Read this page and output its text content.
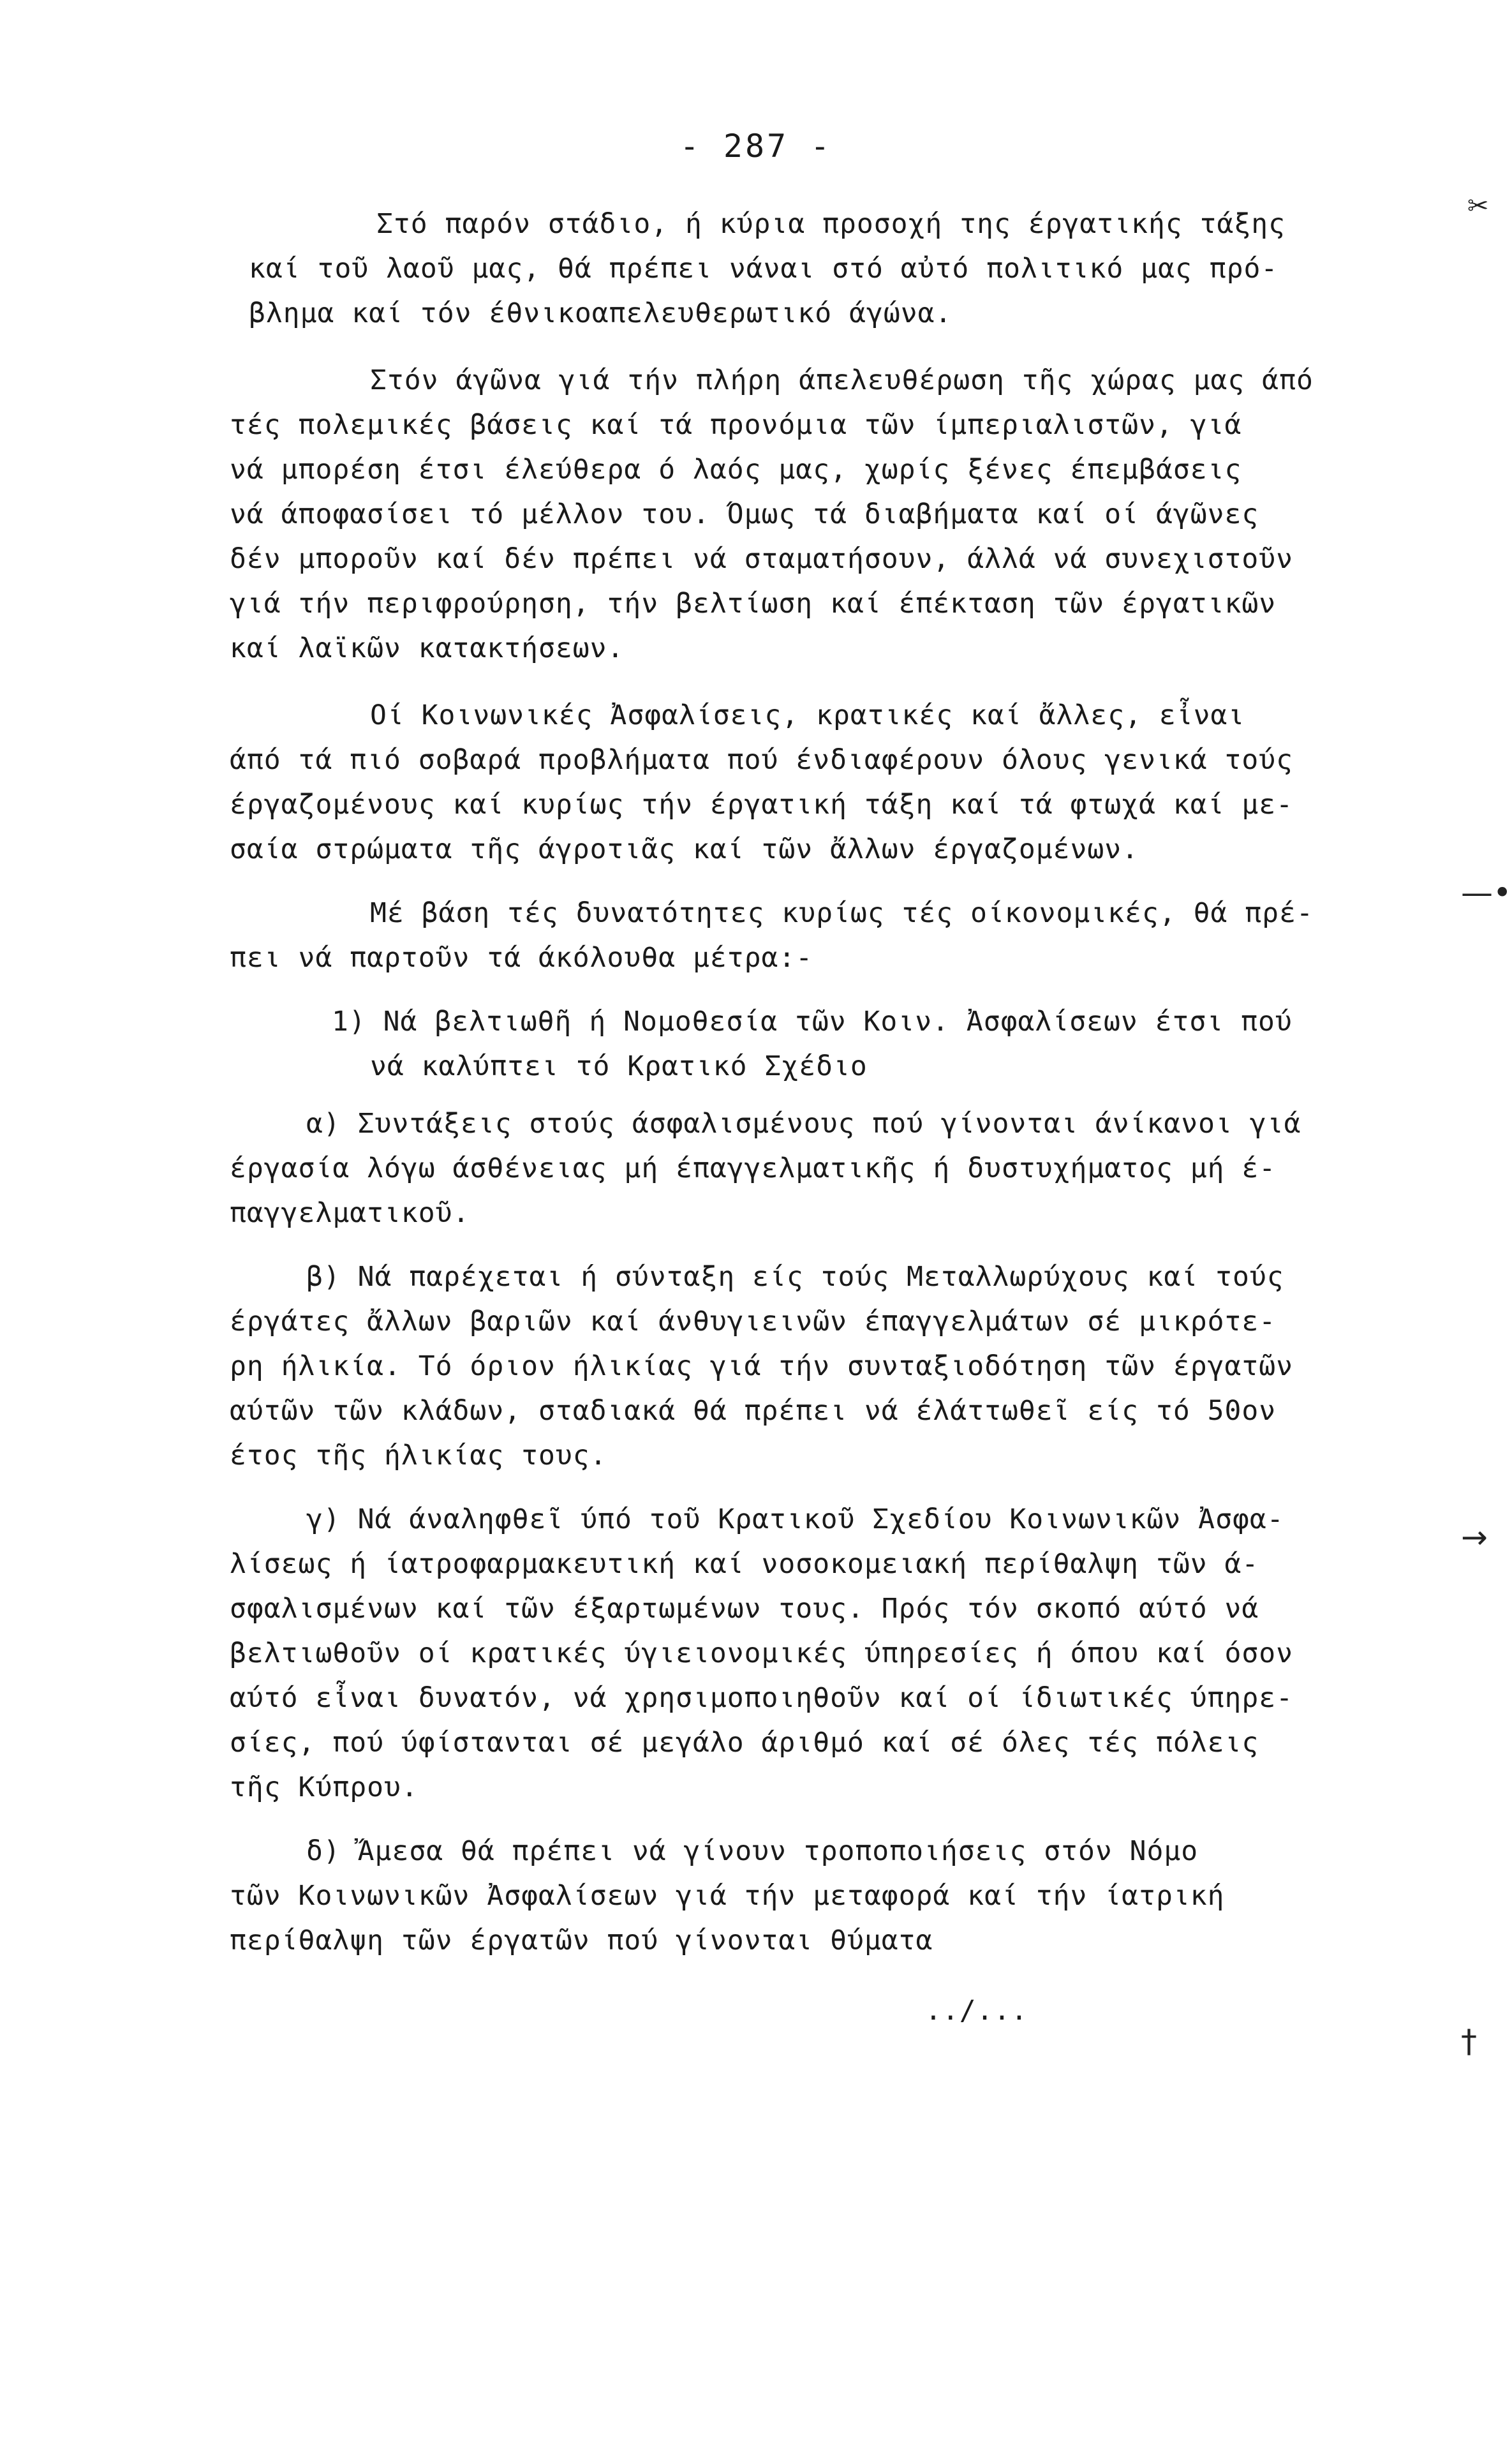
- 287 -
Στό παρόν στάδιο, ή κύρια προσοχή της έργατικής τάξης
καί τοῦ λαοῦ μας, θά πρέπει νάναι στό αὐτό πολιτικό μας πρό-
βλημα καί τόν έθνικοαπελευθερωτικό άγώνα.
Στόν άγῶνα γιά τήν πλήρη άπελευθέρωση τῆς χώρας μας άπό
τές πολεμικές βάσεις καί τά προνόμια τῶν ίμπεριαλιστῶν, γιά
νά μπορέση έτσι έλεύθερα ό λαός μας, χωρίς ξένες έπεμβάσεις
νά άποφασίσει τό μέλλον του. Όμως τά διαβήματα καί οί άγῶνες
δέν μποροῦν καί δέν πρέπει νά σταματήσουν, άλλά νά συνεχιστοῦν
γιά τήν περιφρούρηση, τήν βελτίωση καί έπέκταση τῶν έργατικῶν
καί λαϊκῶν κατακτήσεων.
Οί Κοινωνικές Ἀσφαλίσεις, κρατικές καί ἄλλες, εἶναι
άπό τά πιό σοβαρά προβλήματα πού ένδιαφέρουν όλους γενικά τούς
έργαζομένους καί κυρίως τήν έργατική τάξη καί τά φτωχά καί με-
σαία στρώματα τῆς άγροτιᾶς καί τῶν ἄλλων έργαζομένων.
Μέ βάση τές δυνατότητες κυρίως τές οίκονομικές, θά πρέ-
πει νά παρτοῦν τά άκόλουθα μέτρα:-
1) Νά βελτιωθῆ ή Νομοθεσία τῶν Κοιν. Ἀσφαλίσεων έτσι πού
νά καλύπτει τό Κρατικό Σχέδιο
α) Συντάξεις στούς άσφαλισμένους πού γίνονται άνίκανοι γιά
έργασία λόγω άσθένειας μή έπαγγελματικῆς ή δυστυχήματος μή έ-
παγγελματικοῦ.
β) Νά παρέχεται ή σύνταξη είς τούς Μεταλλωρύχους καί τούς
έργάτες ἄλλων βαριῶν καί άνθυγιεινῶν έπαγγελμάτων σέ μικρότε-
ρη ήλικία. Τό όριον ήλικίας γιά τήν συνταξιοδότηση τῶν έργατῶν
αύτῶν τῶν κλάδων, σταδιακά θά πρέπει νά έλάττωθεῖ είς τό 50ον
έτος τῆς ήλικίας τους.
γ) Νά άναληφθεῖ ύπό τοῦ Κρατικοῦ Σχεδίου Κοινωνικῶν Ἀσφα-
λίσεως ή ίατροφαρμακευτική καί νοσοκομειακή περίθαλψη τῶν ά-
σφαλισμένων καί τῶν έξαρτωμένων τους. Πρός τόν σκοπό αύτό νά
βελτιωθοῦν οί κρατικές ύγιειονομικές ύπηρεσίες ή όπου καί όσον
αύτό εἶναι δυνατόν, νά χρησιμοποιηθοῦν καί οί ίδιωτικές ύπηρε-
σίες, πού ύφίστανται σέ μεγάλο άριθμό καί σέ όλες τές πόλεις
τῆς Κύπρου.
δ) Ἄμεσα θά πρέπει νά γίνουν τροποποιήσεις στόν Νόμο
τῶν Κοινωνικῶν Ἀσφαλίσεων γιά τήν μεταφορά καί τήν ίατρική
περίθαλψη τῶν έργατῶν πού γίνονται θύματα
../...
✂
—•
→
†
